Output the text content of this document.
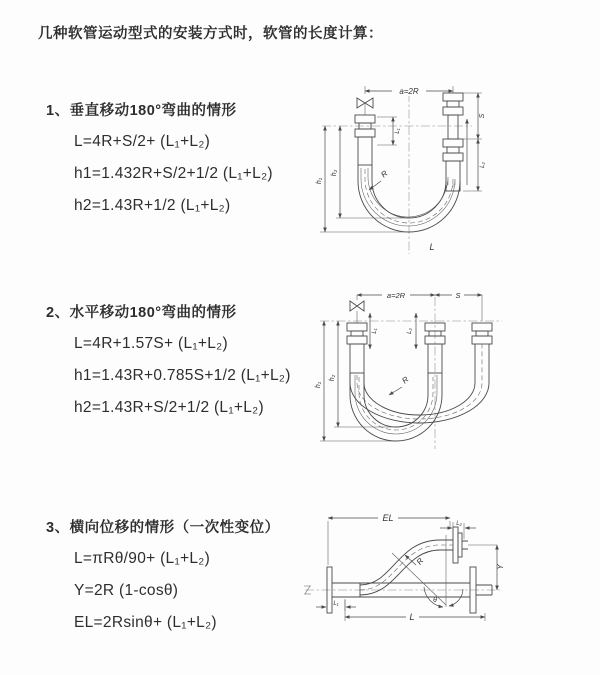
几种软管运动型式的安装方式时，软管的长度计算：
1、垂直移动180°弯曲的情形
L=4R+S/2+ (L₁+L₂)
h1=1.432R+S/2+1/2 (L₁+L₂)
h2=1.43R+1/2 (L₁+L₂)
a=2R
L₁
h₁
h₂
S
L₂
R
L
2、水平移动180°弯曲的情形
L=4R+1.57S+ (L₁+L₂)
h1=1.43R+0.785S+1/2 (L₁+L₂)
h2=1.43R+S/2+1/2 (L₁+L₂)
a=2R	S
L₁	L₂
h₁
h₂	R
3、横向位移的情形（一次性变位）
L=πRθ/90+ (L₁+L₂)
Y=2R (1-cosθ)
EL=2Rsinθ+ (L₁+L₂)
EL
L₂
Y
L₁
L
R
θ
